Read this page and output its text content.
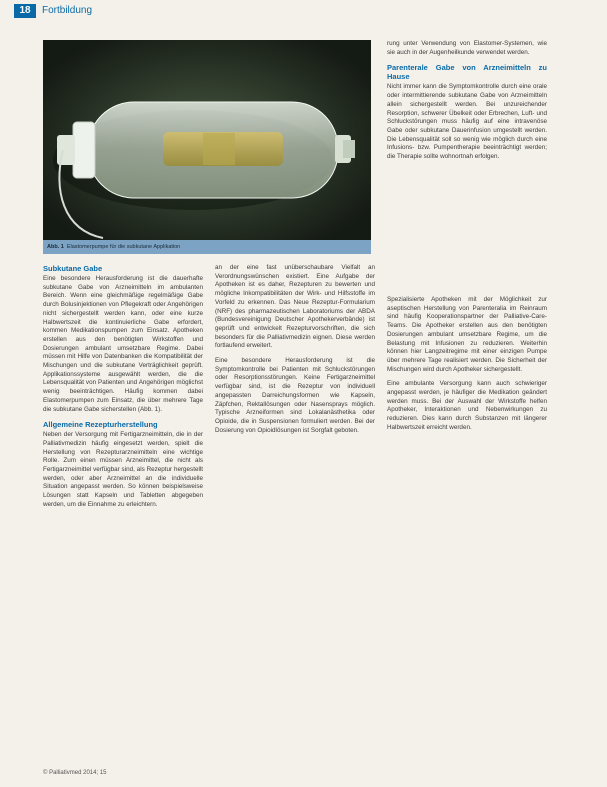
18	Fortbildung
Abb. 1 Elastomerpumpe für die subkutane Applikation
Subkutane Gabe
Eine besondere Herausforderung ist die dauerhafte subkutane Gabe von Arzneimitteln im ambulanten Bereich. Wenn eine gleichmäßige regelmäßige Gabe durch Bolusinjektionen von Pflegekraft oder Angehörigen nicht sichergestellt werden kann, oder eine kurze Halbwertszeit die kontinuierliche Gabe erfordert, kommen Medikationspumpen zum Einsatz. Apotheken erstellen aus den benötigten Wirkstoffen und Dosierungen ambulant umsetzbare Regime. Dabei müssen mit Hilfe von Datenbanken die Kompatibilität der Mischungen und die subkutane Verträglichkeit geprüft. Applikationssysteme ausgewählt werden, die die Lebensqualität von Patienten und Angehörigen möglichst wenig beeinträchtigen. Häufig kommen dabei Elastomerpumpen zum Einsatz, die über mehrere Tage die subkutane Gabe sicherstellen (Abb. 1).
Allgemeine Rezepturherstellung
Neben der Versorgung mit Fertigarzneimitteln, die in der Palliativmedizin häufig eingesetzt werden, spielt die Herstellung von Rezepturarzneimitteln eine wichtige Rolle. Zum einen müssen Arzneimittel, die nicht als Fertigarzneimittel verfügbar sind, als Rezeptur hergestellt werden, oder aber Arzneimittel an die individuelle Situation angepasst werden. So können beispielsweise Lösungen statt Kapseln und Tabletten abgegeben werden, um die Einnahme zu erleichtern.
an der eine fast unüberschaubare Vielfalt an Verordnungswünschen existiert. Eine Aufgabe der Apotheken ist es daher, Rezepturen zu bewerten und mögliche Inkompatibilitäten der Wirk- und Hilfsstoffe im Vorfeld zu erkennen. Das Neue Rezeptur-Formularium (NRF) des pharmazeutischen Laboratoriums der ABDA (Bundesvereinigung Deutscher Apothekerverbände) ist geprüft und entwickelt Rezepturvorschriften, die sich besonders für die Palliativmedizin eignen. Diese werden fortlaufend erweitert.
Eine besondere Herausforderung ist die Symptomkontrolle bei Patienten mit Schluckstörungen oder Resorptionsstörungen. Keine Fertigarzneimittel verfügbar sind, ist die Rezeptur von individuell angepassten Darreichungsformen wie Kapseln, Zäpfchen, Rektallösungen oder Nasensprays möglich. Typische Arzneiformen sind Lokalanästhetika oder Opioide, die in Suspensionen formuliert werden. Bei der Dosierung von Opioidlösungen ist Sorgfalt geboten.
rung unter Verwendung von Elastomer-Systemen, wie sie auch in der Augenheilkunde verwendet werden.
Parenterale Gabe von Arzneimitteln zu Hause
Nicht immer kann die Symptomkontrolle durch eine orale oder intermittierende subkutane Gabe von Arzneimitteln allein sichergestellt werden. Bei unzureichender Resorption, schwerer Übelkeit oder Erbrechen, Luft- und Schluckstörungen muss häufig auf eine intravenöse Gabe oder subkutane Dauerinfusion umgestellt werden. Die Lebensqualität soll so wenig wie möglich durch eine Infusions- bzw. Pumpentherapie beeinträchtigt werden; die Therapie sollte wohnortnah erfolgen.
Spezialisierte Apotheken mit der Möglichkeit zur aseptischen Herstellung von Parenteralia im Reinraum sind häufig Kooperationspartner der Palliative-Care-Teams. Die Apotheker erstellen aus den benötigten Dosierungen ambulant umsetzbare Regime, um die Belastung mit Infusionen zu reduzieren. Weiterhin können hier Langzeitregime mit einer einzigen Pumpe über mehrere Tage realisiert werden. Die Sicherheit der Mischungen wird durch Apotheker sichergestellt.
Eine ambulante Versorgung kann auch schwieriger angepasst werden, je häufiger die Medikation geändert werden muss. Bei der Auswahl der Wirkstoffe helfen Apotheker, Interaktionen und Nebenwirkungen zu reduzieren. Dies kann durch Substanzen mit längerer Halbwertszeit erreicht werden.
© Palliativmed 2014; 15
